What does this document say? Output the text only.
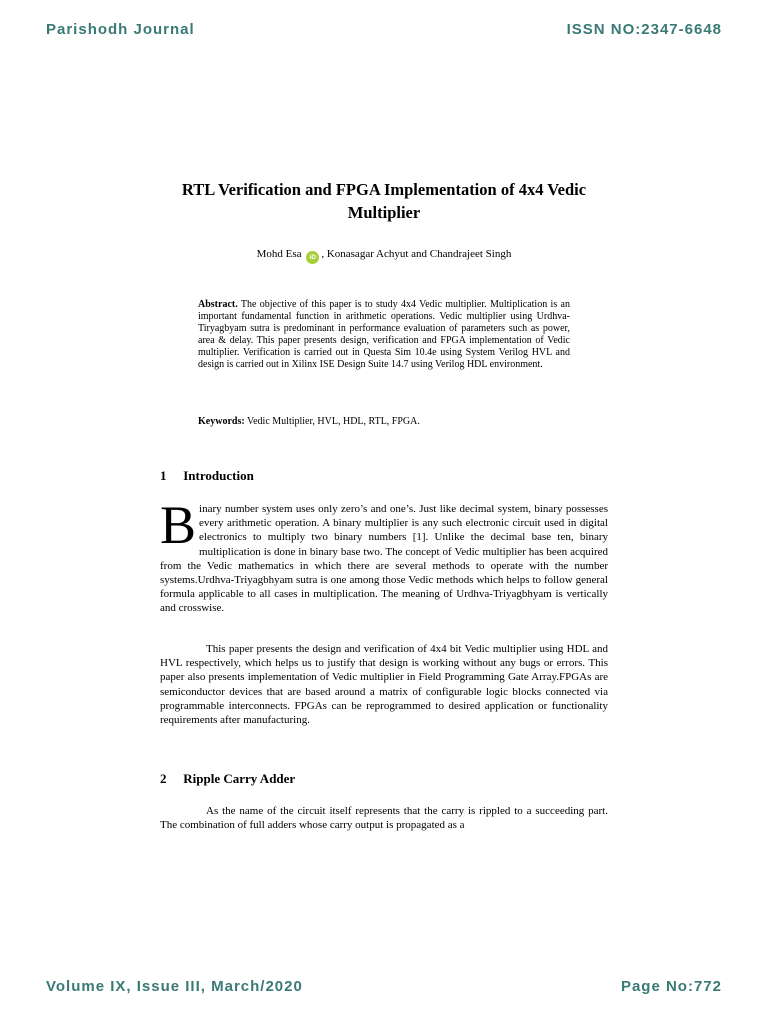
Parishodh Journal	ISSN NO:2347-6648
RTL Verification and FPGA Implementation of 4x4 Vedic Multiplier
Mohd Esa iD , Konasagar Achyut and Chandrajeet Singh
Abstract. The objective of this paper is to study 4x4 Vedic multiplier. Multiplication is an important fundamental function in arithmetic operations. Vedic multiplier using Urdhva-Tiryagbyam sutra is predominant in performance evaluation of parameters such as power, area & delay. This paper presents design, verification and FPGA implementation of Vedic multiplier. Verification is carried out in Questa Sim 10.4e using System Verilog HVL and design is carried out in Xilinx ISE Design Suite 14.7 using Verilog HDL environment.
Keywords: Vedic Multiplier, HVL, HDL, RTL, FPGA.
1 Introduction
B inary number system uses only zero’s and one’s. Just like decimal system, binary possesses every arithmetic operation. A binary multiplier is any such electronic circuit used in digital electronics to multiply two binary numbers [1]. Unlike the decimal base ten, binary multiplication is done in binary base two. The concept of Vedic multiplier has been acquired from the Vedic mathematics in which there are several methods to operate with the number systems.Urdhva-Triyagbhyam sutra is one among those Vedic methods which helps to follow general formula applicable to all cases in multiplication. The meaning of Urdhva-Triyagbhyam is vertically and crosswise.
This paper presents the design and verification of 4x4 bit Vedic multiplier using HDL and HVL respectively, which helps us to justify that design is working without any bugs or errors. This paper also presents implementation of Vedic multiplier in Field Programming Gate Array.FPGAs are semiconductor devices that are based around a matrix of configurable logic blocks connected via programmable interconnects. FPGAs can be reprogrammed to desired application or functionality requirements after manufacturing.
2 Ripple Carry Adder
As the name of the circuit itself represents that the carry is rippled to a succeeding part. The combination of full adders whose carry output is propagated as a
Volume IX, Issue III, March/2020	Page No:772
